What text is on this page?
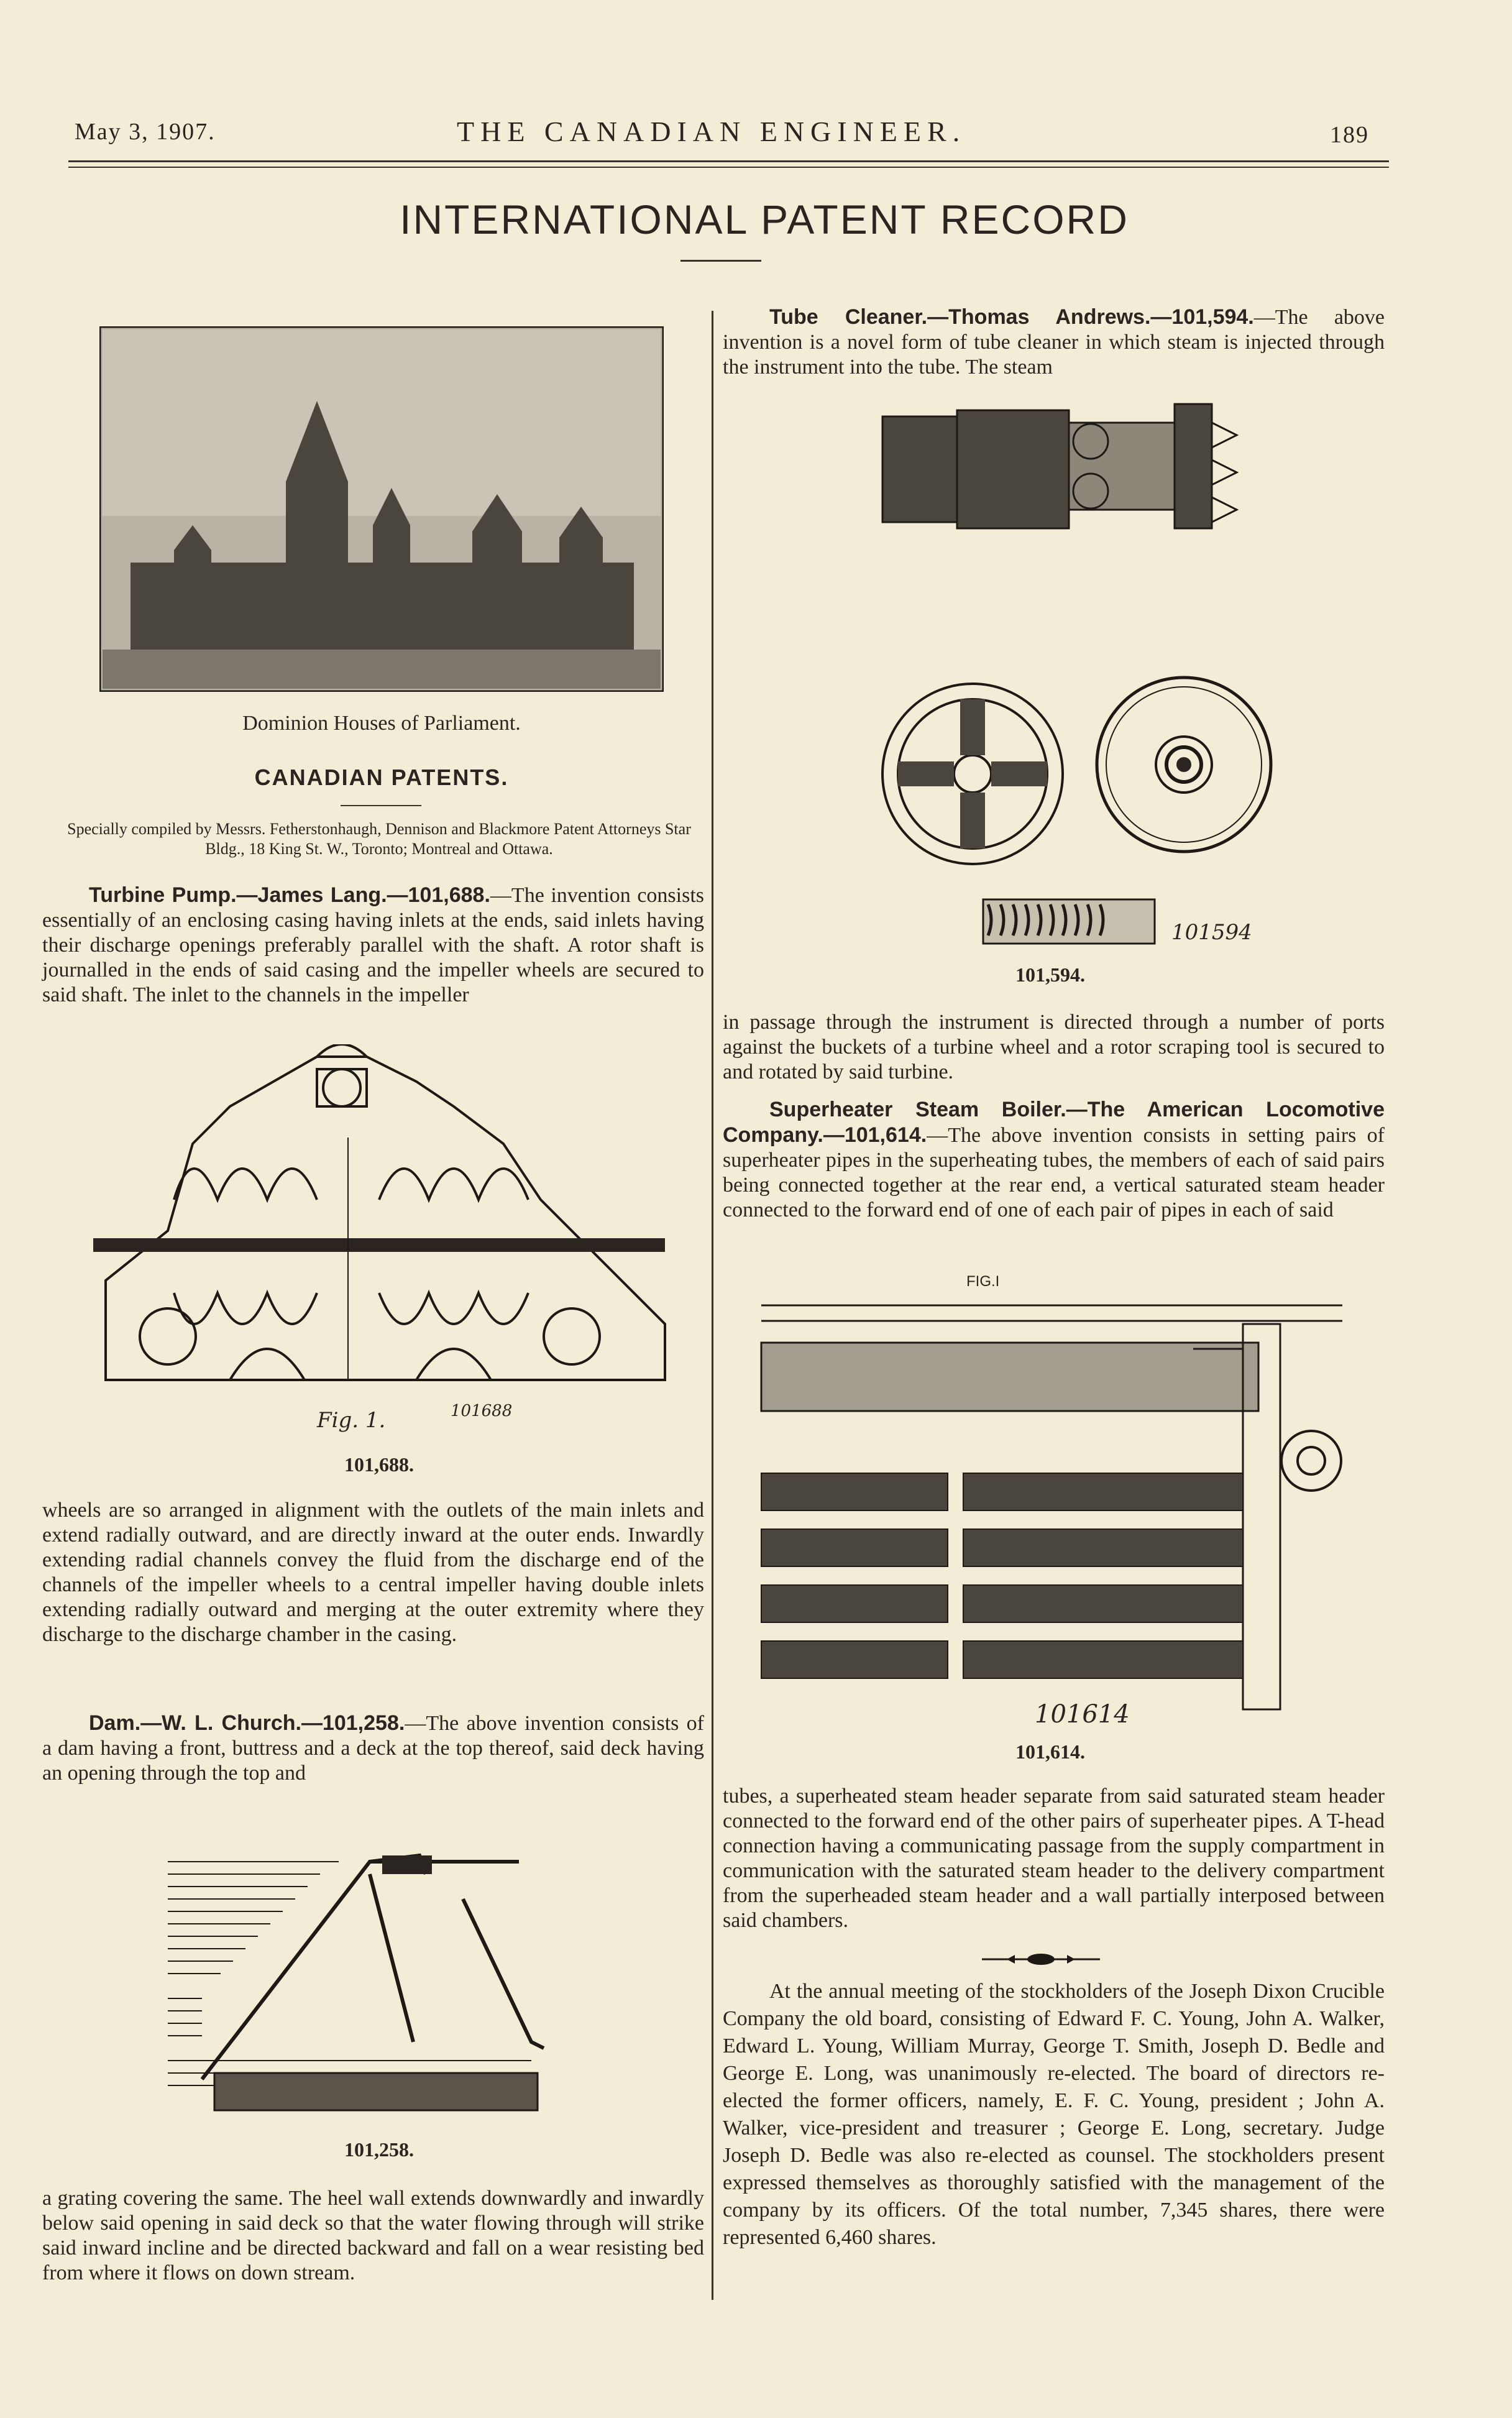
May 3, 1907.	THE CANADIAN ENGINEER.	189
INTERNATIONAL PATENT RECORD
Dominion Houses of Parliament.
CANADIAN PATENTS.
Specially compiled by Messrs. Fetherstonhaugh, Dennison and Blackmore Patent Attorneys Star Bldg., 18 King St. W., Toronto; Montreal and Ottawa.

Turbine Pump.—James Lang.—101,688.—The invention consists essentially of an enclosing casing having inlets at the ends, said inlets having their discharge openings preferably parallel with the shaft. A rotor shaft is journalled in the ends of said casing and the impeller wheels are secured to said shaft. The inlet to the channels in the impeller

Fig. 1.	101688
101,688.
wheels are so arranged in alignment with the outlets of the main inlets and extend radially outward, and are directly inward at the outer ends. Inwardly extending radial channels convey the fluid from the discharge end of the channels of the impeller wheels to a central impeller having double inlets extending radially outward and merging at the outer extremity where they discharge to the discharge chamber in the casing.

Dam.—W. L. Church.—101,258.—The above invention consists of a dam having a front, buttress and a deck at the top thereof, said deck having an opening through the top and

101,258.
a grating covering the same. The heel wall extends downwardly and inwardly below said opening in said deck so that the water flowing through will strike said inward incline and be directed backward and fall on a wear resisting bed from where it flows on down stream.

Tube Cleaner.—Thomas Andrews.—101,594.—The above invention is a novel form of tube cleaner in which steam is injected through the instrument into the tube. The steam

101594
101,594.
in passage through the instrument is directed through a number of ports against the buckets of a turbine wheel and a rotor scraping tool is secured to and rotated by said turbine.

Superheater Steam Boiler.—The American Locomotive Company.—101,614.—The above invention consists in setting pairs of superheater pipes in the superheating tubes, the members of each of said pairs being connected together at the rear end, a vertical saturated steam header connected to the forward end of one of each pair of pipes in each of said

FIG.I
101614
101,614.
tubes, a superheated steam header separate from said saturated steam header connected to the forward end of the other pairs of superheater pipes. A T-head connection having a communicating passage from the supply compartment in communication with the saturated steam header to the delivery compartment from the superheaded steam header and a wall partially interposed between said chambers.
At the annual meeting of the stockholders of the Joseph Dixon Crucible Company the old board, consisting of Edward F. C. Young, John A. Walker, Edward L. Young, William Murray, George T. Smith, Joseph D. Bedle and George E. Long, was unanimously re-elected. The board of directors re-elected the former officers, namely, E. F. C. Young, president ; John A. Walker, vice-president and treasurer ; George E. Long, secretary. Judge Joseph D. Bedle was also re-elected as counsel. The stockholders present expressed themselves as thoroughly satisfied with the management of the company by its officers. Of the total number, 7,345 shares, there were represented 6,460 shares.
